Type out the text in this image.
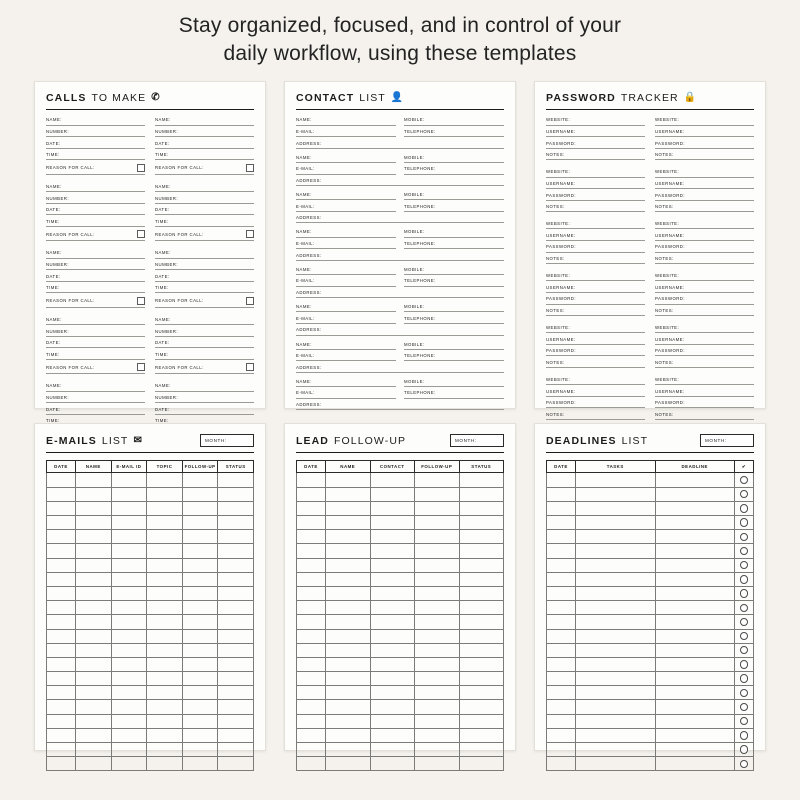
Stay organized, focused, and in control of your
daily workflow, using these templates
CALLS TO MAKE ✆
NAME:
NUMBER:
DATE:
TIME:
REASON FOR CALL:
NAME:
NUMBER:
DATE:
TIME:
REASON FOR CALL:
NAME:
NUMBER:
DATE:
TIME:
REASON FOR CALL:
NAME:
NUMBER:
DATE:
TIME:
REASON FOR CALL:
NAME:
NUMBER:
DATE:
TIME:
NAME:
NUMBER:
DATE:
TIME:
REASON FOR CALL:
NAME:
NUMBER:
DATE:
TIME:
REASON FOR CALL:
NAME:
NUMBER:
DATE:
TIME:
REASON FOR CALL:
NAME:
NUMBER:
DATE:
TIME:
REASON FOR CALL:
NAME:
NUMBER:
DATE:
TIME:
CONTACT LIST 👤
NAME:	MOBILE:
E-MAIL:	TELEPHONE:
ADDRESS:
NAME:	MOBILE:
E-MAIL:	TELEPHONE:
ADDRESS:
NAME:	MOBILE:
E-MAIL:	TELEPHONE:
ADDRESS:
NAME:	MOBILE:
E-MAIL:	TELEPHONE:
ADDRESS:
NAME:	MOBILE:
E-MAIL:	TELEPHONE:
ADDRESS:
NAME:	MOBILE:
E-MAIL:	TELEPHONE:
ADDRESS:
NAME:	MOBILE:
E-MAIL:	TELEPHONE:
ADDRESS:
NAME:	MOBILE:
E-MAIL:	TELEPHONE:
ADDRESS:
PASSWORD TRACKER 🔒
WEBSITE:
USERNAME:
PASSWORD:
NOTES:
WEBSITE:
USERNAME:
PASSWORD:
NOTES:
WEBSITE:
USERNAME:
PASSWORD:
NOTES:
WEBSITE:
USERNAME:
PASSWORD:
NOTES:
WEBSITE:
USERNAME:
PASSWORD:
NOTES:
WEBSITE:
USERNAME:
PASSWORD:
NOTES:
WEBSITE:
USERNAME:
PASSWORD:
NOTES:
WEBSITE:
USERNAME:
PASSWORD:
NOTES:
WEBSITE:
USERNAME:
PASSWORD:
NOTES:
WEBSITE:
USERNAME:
PASSWORD:
NOTES:
WEBSITE:
USERNAME:
PASSWORD:
NOTES:
WEBSITE:
USERNAME:
PASSWORD:
NOTES:
E-MAILS LIST ✉	MONTH:
DATE	NAME	E-MAIL ID	TOPIC	FOLLOW-UP	STATUS

LEAD FOLLOW-UP	MONTH:
DATE	NAME	CONTACT	FOLLOW-UP	STATUS

DEADLINES LIST	MONTH:
DATE	TASKS	DEADLINE	✔
